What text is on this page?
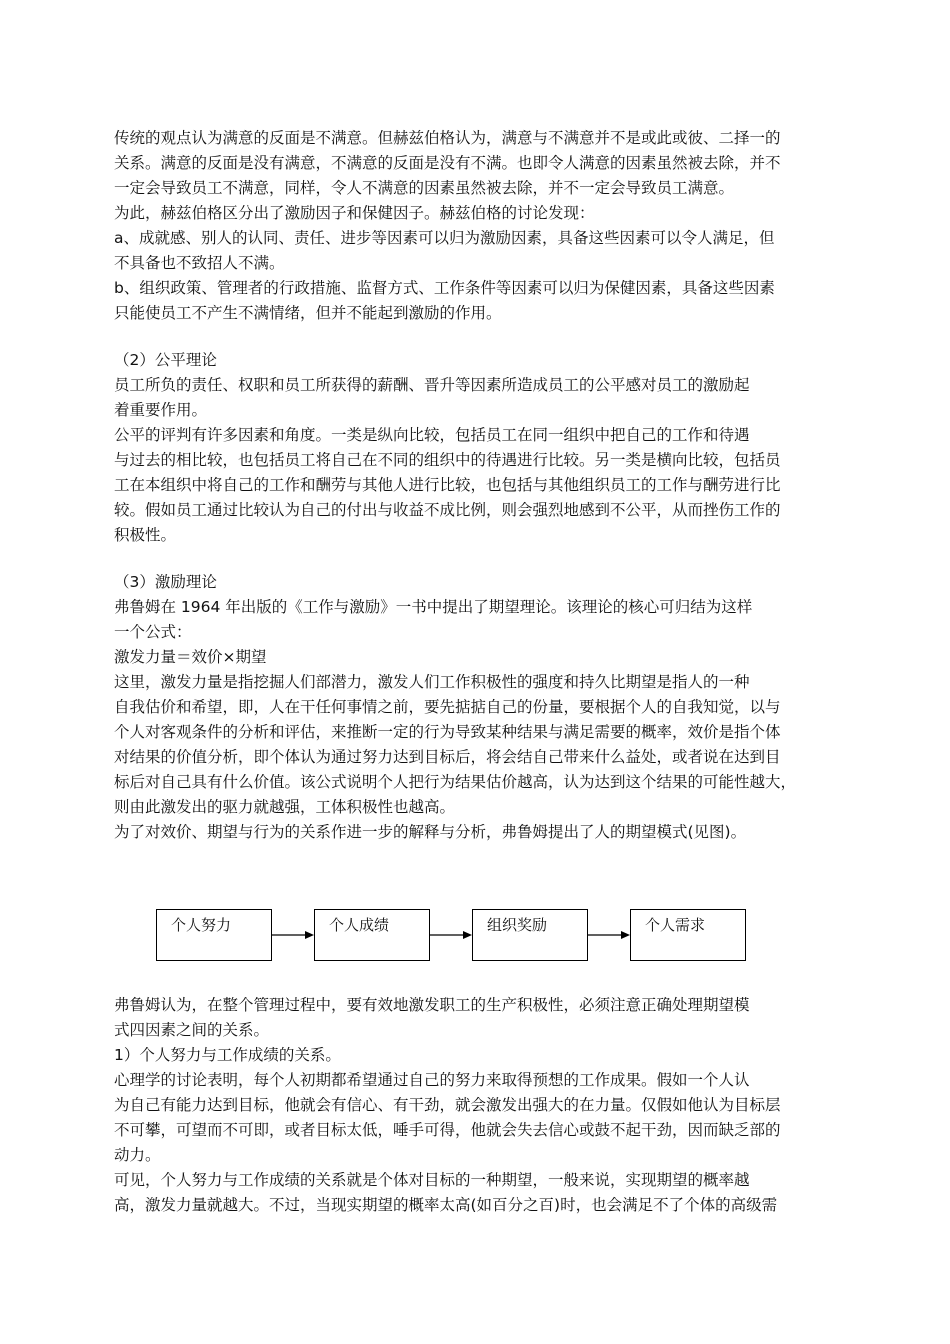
传统的观点认为满意的反面是不满意。但赫兹伯格认为，满意与不满意并不是或此或彼、二择一的
关系。满意的反面是没有满意，不满意的反面是没有不满。也即令人满意的因素虽然被去除，并不
一定会导致员工不满意，同样，令人不满意的因素虽然被去除，并不一定会导致员工满意。
为此，赫兹伯格区分出了激励因子和保健因子。赫兹伯格的讨论发现：
a、成就感、别人的认同、责任、进步等因素可以归为激励因素，具备这些因素可以令人满足，但
不具备也不致招人不满。
b、组织政策、管理者的行政措施、监督方式、工作条件等因素可以归为保健因素，具备这些因素
只能使员工不产生不满情绪，但并不能起到激励的作用。
（2）公平理论
员工所负的责任、权职和员工所获得的薪酬、晋升等因素所造成员工的公平感对员工的激励起
着重要作用。
公平的评判有许多因素和角度。一类是纵向比较，包括员工在同一组织中把自己的工作和待遇
与过去的相比较，也包括员工将自己在不同的组织中的待遇进行比较。另一类是横向比较，包括员
工在本组织中将自己的工作和酬劳与其他人进行比较，也包括与其他组织员工的工作与酬劳进行比
较。假如员工通过比较认为自己的付出与收益不成比例，则会强烈地感到不公平，从而挫伤工作的
积极性。
（3）激励理论
弗鲁姆在 1964 年出版的《工作与激励》一书中提出了期望理论。该理论的核心可归结为这样
一个公式：
激发力量＝效价×期望
这里，激发力量是指挖掘人们部潜力，激发人们工作积极性的强度和持久比期望是指人的一种
自我估价和希望，即，人在干任何事情之前，要先掂掂自己的份量，要根据个人的自我知觉，以与
个人对客观条件的分析和评估，来推断一定的行为导致某种结果与满足需要的概率，效价是指个体
对结果的价值分析，即个体认为通过努力达到目标后，将会结自己带来什么益处，或者说在达到目
标后对自己具有什么价值。该公式说明个人把行为结果估价越高，认为达到这个结果的可能性越大，
则由此激发出的驱力就越强，工体积极性也越高。
为了对效价、期望与行为的关系作进一步的解释与分析，弗鲁姆提出了人的期望模式(见图)。
个人努力	个人成绩	组织奖励	个人需求
弗鲁姆认为，在整个管理过程中，要有效地激发职工的生产积极性，必须注意正确处理期望模
式四因素之间的关系。
1）个人努力与工作成绩的关系。
心理学的讨论表明，每个人初期都希望通过自己的努力来取得预想的工作成果。假如一个人认
为自己有能力达到目标，他就会有信心、有干劲，就会激发出强大的在力量。仅假如他认为目标层
不可攀，可望而不可即，或者目标太低，唾手可得，他就会失去信心或鼓不起干劲，因而缺乏部的
动力。
可见，个人努力与工作成绩的关系就是个体对目标的一种期望，一般来说，实现期望的概率越
高，激发力量就越大。不过，当现实期望的概率太高(如百分之百)时，也会满足不了个体的高级需
